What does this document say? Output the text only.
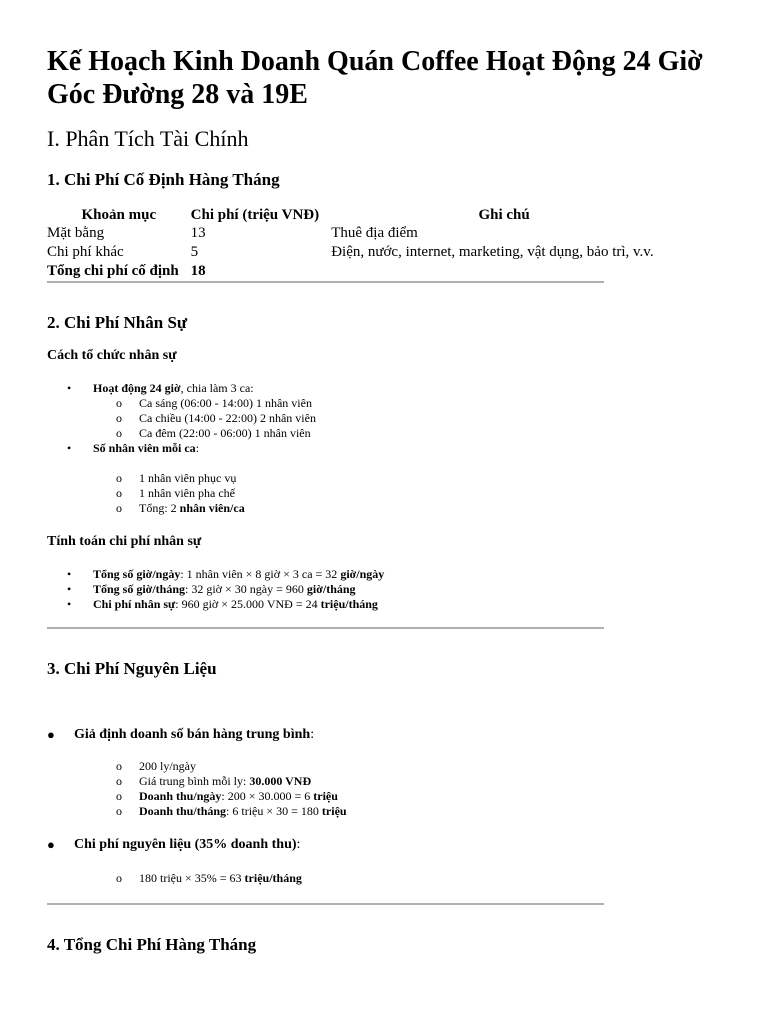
Kế Hoạch Kinh Doanh Quán Coffee Hoạt Động 24 Giờ Góc Đường 28 và 19E
I. Phân Tích Tài Chính
1. Chi Phí Cố Định Hàng Tháng
Khoản mục	Chi phí (triệu VNĐ)	Ghi chú
Mặt bằng	13	Thuê địa điểm
Chi phí khác	5	Điện, nước, internet, marketing, vật dụng, bảo trì, v.v.
Tổng chi phí cố định	18	
2. Chi Phí Nhân Sự
Cách tổ chức nhân sự
• Hoạt động 24 giờ, chia làm 3 ca:
o Ca sáng (06:00 - 14:00) 1 nhân viên
o Ca chiều (14:00 - 22:00) 2 nhân viên
o Ca đêm (22:00 - 06:00) 1 nhân viên
• Số nhân viên mỗi ca:
o 1 nhân viên phục vụ
o 1 nhân viên pha chế
o Tổng: 2 nhân viên/ca
Tính toán chi phí nhân sự
• Tổng số giờ/ngày: 1 nhân viên × 8 giờ × 3 ca = 32 giờ/ngày
• Tổng số giờ/tháng: 32 giờ × 30 ngày = 960 giờ/tháng
• Chi phí nhân sự: 960 giờ × 25.000 VNĐ = 24 triệu/tháng
3. Chi Phí Nguyên Liệu
● Giả định doanh số bán hàng trung bình:
o 200 ly/ngày
o Giá trung bình mỗi ly: 30.000 VNĐ
o Doanh thu/ngày: 200 × 30.000 = 6 triệu
o Doanh thu/tháng: 6 triệu × 30 = 180 triệu
● Chi phí nguyên liệu (35% doanh thu):
o 180 triệu × 35% = 63 triệu/tháng
4. Tổng Chi Phí Hàng Tháng
